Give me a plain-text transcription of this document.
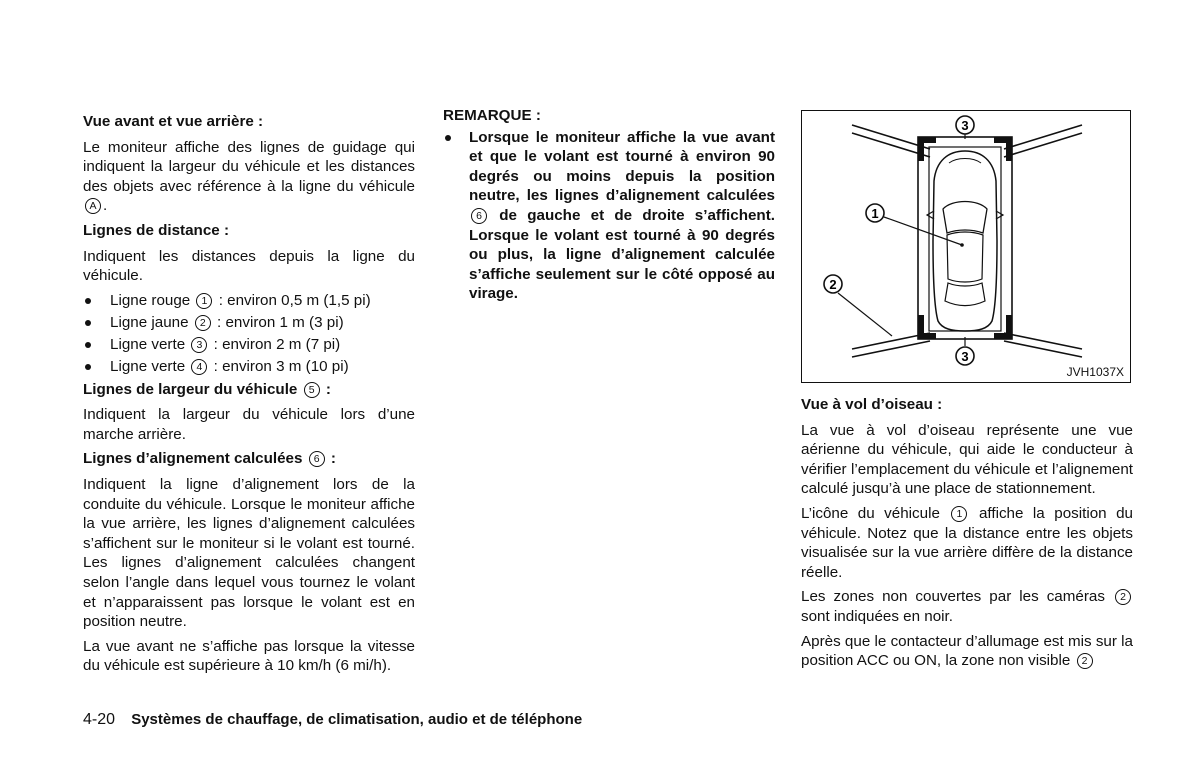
Vue avant et vue arrière :

Le moniteur affiche des lignes de guidage qui indiquent la largeur du véhicule et les distances des objets avec référence à la ligne du véhicule A .

Lignes de distance :

Indiquent les distances depuis la ligne du véhicule.

Ligne rouge 1 : environ 0,5 m (1,5 pi)
Ligne jaune 2 : environ 1 m (3 pi)
Ligne verte 3 : environ 2 m (7 pi)
Ligne verte 4 : environ 3 m (10 pi)

Lignes de largeur du véhicule 5 :

Indiquent la largeur du véhicule lors d’une marche arrière.

Lignes d’alignement calculées 6 :

Indiquent la ligne d’alignement lors de la conduite du véhicule. Lorsque le moniteur affiche la vue arrière, les lignes d’alignement calculées s’affichent sur le moniteur si le volant est tourné. Les lignes d’alignement calculées changent selon l’angle dans lequel vous tournez le volant et n’apparaissent pas lorsque le volant est en position neutre.

La vue avant ne s’affiche pas lorsque la vitesse du véhicule est supérieure à 10 km/h (6 mi/h).

REMARQUE :

Lorsque le moniteur affiche la vue avant et que le volant est tourné à environ 90 degrés ou moins depuis la position neutre, les lignes d’alignement calculées 6 de gauche et de droite s’affichent. Lorsque le volant est tourné à 90 degrés ou plus, la ligne d’alignement calculée s’affiche seulement sur le côté opposé au virage.
1
2
3
3
JVH1037X

Vue à vol d’oiseau :

La vue à vol d’oiseau représente une vue aérienne du véhicule, qui aide le conducteur à vérifier l’emplacement du véhicule et l’alignement calculé jusqu’à une place de stationnement.

L’icône du véhicule 1 affiche la position du véhicule. Notez que la distance entre les objets visualisée sur la vue arrière diffère de la distance réelle.

Les zones non couvertes par les caméras 2 sont indiquées en noir.

Après que le contacteur d’allumage est mis sur la position ACC ou ON, la zone non visible 2

4-20 Systèmes de chauffage, de climatisation, audio et de téléphone
